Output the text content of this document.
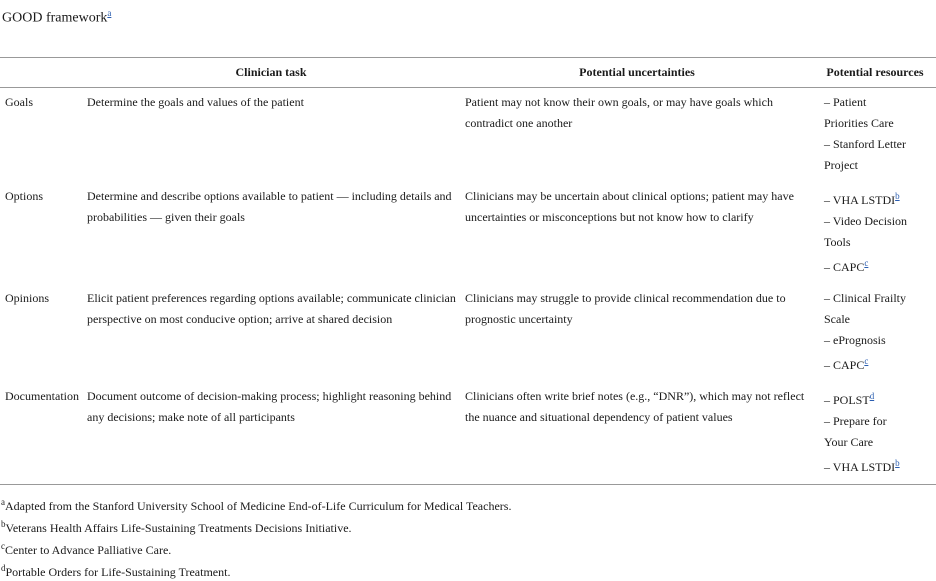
GOOD framework$^a$
	Clinician task	Potential uncertainties	Potential resources
Goals	Determine the goals and values of the patient	Patient may not know their own goals, or may have goals which contradict one another	– Patient
Priorities Care
– Stanford Letter
Project

Options	Determine and describe options available to patient — including details and probabilities — given their goals	Clinicians may be uncertain about clinical options; patient may have uncertainties or misconceptions but not know how to clarify	– VHA LSTDI$^b$
– Video Decision
Tools
– CAPC$^c$

Opinions	Elicit patient preferences regarding options available; communicate clinician perspective on most conducive option; arrive at shared decision	Clinicians may struggle to provide clinical recommendation due to prognostic uncertainty	– Clinical Frailty
Scale
– ePrognosis
– CAPC$^c$

Documentation	Document outcome of decision-making process; highlight reasoning behind any decisions; make note of all participants	Clinicians often write brief notes (e.g., “DNR”), which may not reflect the nuance and situational dependency of patient values	– POLST$^d$
– Prepare for
Your Care
– VHA LSTDI$^b$
$^a$Adapted from the Stanford University School of Medicine End-of-Life Curriculum for Medical Teachers.
$^b$Veterans Health Affairs Life-Sustaining Treatments Decisions Initiative.
$^c$Center to Advance Palliative Care.
$^d$Portable Orders for Life-Sustaining Treatment.
